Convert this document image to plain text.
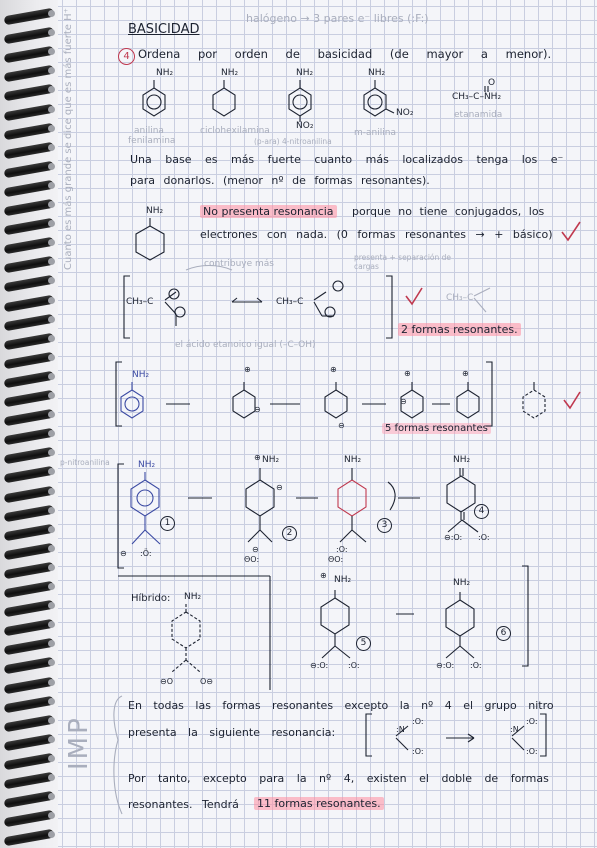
BASICIDAD
halógeno → 3 pares e⁻ libres (:F:)
Cuanto es más grande se dice que es más fuerte H⁺	4 Ordena por orden de basicidad (de mayor a menor).
NH₂	NH₂	NH₂
NO₂
NH₂
NO₂
O
CH₃–C–NH₂
anilina
fenilamina
ciclohexilamina
(p-ara) 4-nitroanilina
m-anilina
etanamida
Una base es más fuerte cuanto más localizados tenga los e⁻
para donarlos. (menor nº de formas resonantes).
NH₂	No presenta resonancia porque no tiene conjugados, los
electrones con nada. (0 formas resonantes → + básico)
contribuye más
presenta + separación de cargas
CH₃–C	CH₃–C	CH₃–C
el ácido etanoico igual (–C–OH)
2 formas resonantes.
NH₂
5 formas resonantes
p-nitroanilina	NH₂	NH₂	NH₂
NH₂
NH₂	NH₂
Híbrido: NH₂
1
2
3
4
5
6
En todas las formas resonantes excepto la nº 4 el grupo nitro
presenta la siguiente resonancia:
Por tanto, excepto para la nº 4, existen el doble de formas
resonantes. Tendrá 11 formas resonantes.
IMP
⊕	⊕	⊕	⊕
⊖
⊖
⊖
⊕
⊖
:Ö:
⊖	⊖
ΘO:
:O:
ΘO:
⊖:O: :O:
⊕
⊖:O: :O:	⊖:O: :O:
⊖O	O⊖
:N	:N
:O:
:O:
:O:
:O:
